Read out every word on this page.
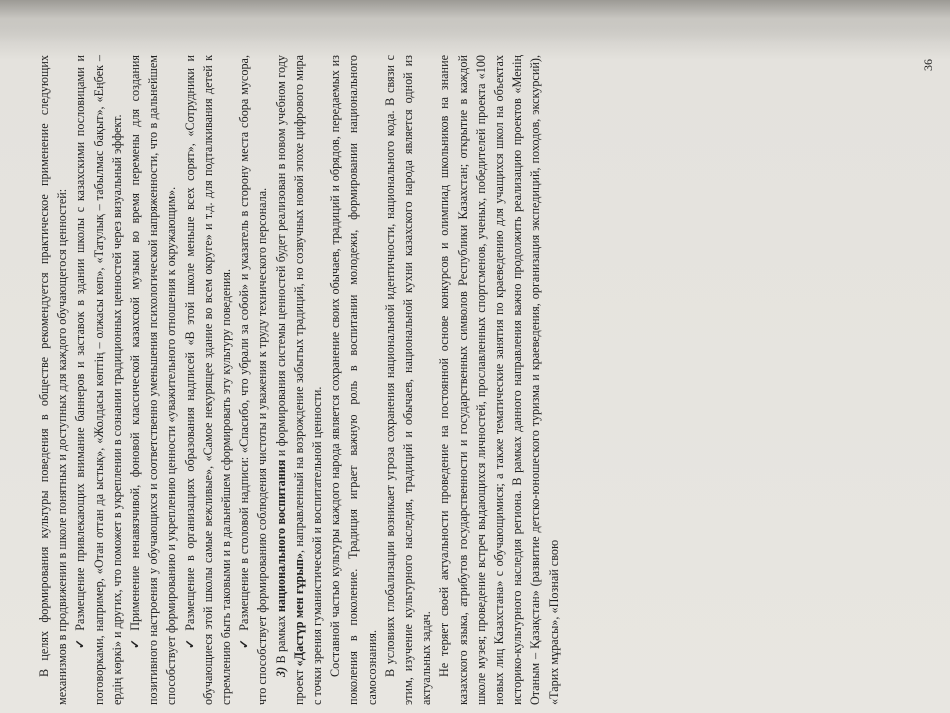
В целях формирования культуры поведения в обществе рекомендуется практическое применение следующих механизмов в продвижении в школе понятных и доступных для каждого обучающегося ценностей: ✓Размещение привлекающих внимание баннеров и заставок в здании школы с казахскими пословицами и поговорками, например, «Отан оттан да ыстық», «Жолдасы көптің – олжасы көп», «Татулық – табылмас бақыт», «Еңбек – ердің көркі» и других, что поможет в укреплении в сознании традиционных ценностей через визуальный эффект. ✓Применение ненавязчивой, фоновой классической казахской музыки во время перемены для создания позитивного настроения у обучающихся и соответственно уменьшения психологической напряженности, что в дальнейшем способствует формированию и укреплению ценности «уважительного отношения к окружающим». ✓Размещение в организациях образования надписей «В этой школе меньше всех сорят», «Сотрудники и обучающиеся этой школы самые вежливые», «Самое некурящее здание во всем округе» и т.д. для подталкивания детей к стремлению быть таковыми и в дальнейшем сформировать эту культуру поведения. ✓Размещение в столовой надписи: «Спасибо, что убрали за собой» и указатель в сторону места сбора мусора, что способствует формированию соблюдения чистоты и уважения к труду технического персонала. 3) В рамках национального воспитания и формирования системы ценностей будет реализован в новом учебном году проект «Дастүр мен ғұрып», направленный на возрождение забытых традиций, но созвучных новой эпохе цифрового мира с точки зрения гуманистической и воспитательной ценности. Составной частью культуры каждого народа является сохранение своих обычаев, традиций и обрядов, передаемых из поколения в поколение. Традиция играет важную роль в воспитании молодежи, формировании национального самосознания. В условиях глобализации возникает угроза сохранения национальной идентичности, национального кода. В связи с этим, изучение культурного наследия, традиций и обычаев, национальной кухни казахского народа является одной из актуальных задач. Не теряет своей актуальности проведение на постоянной основе конкурсов и олимпиад школьников на знание казахского языка, атрибутов государственности и государственных символов Республики Казахстан; открытие в каждой школе музея; проведение встреч выдающихся личностей, прославленных спортсменов, ученых, победителей проекта «100 новых лиц Казахстана» с обучающимися; а также тематические занятия по краеведению для учащихся школ на объектах историко-культурного наследия региона. В рамках данного направления важно продолжить реализацию проектов «Менің Отаным – Қазақстан» (развитие детско-юношеского туризма и краеведения, организация экспедиций, походов, экскурсий), «Тарих мұрасы», «Познай свою

36
